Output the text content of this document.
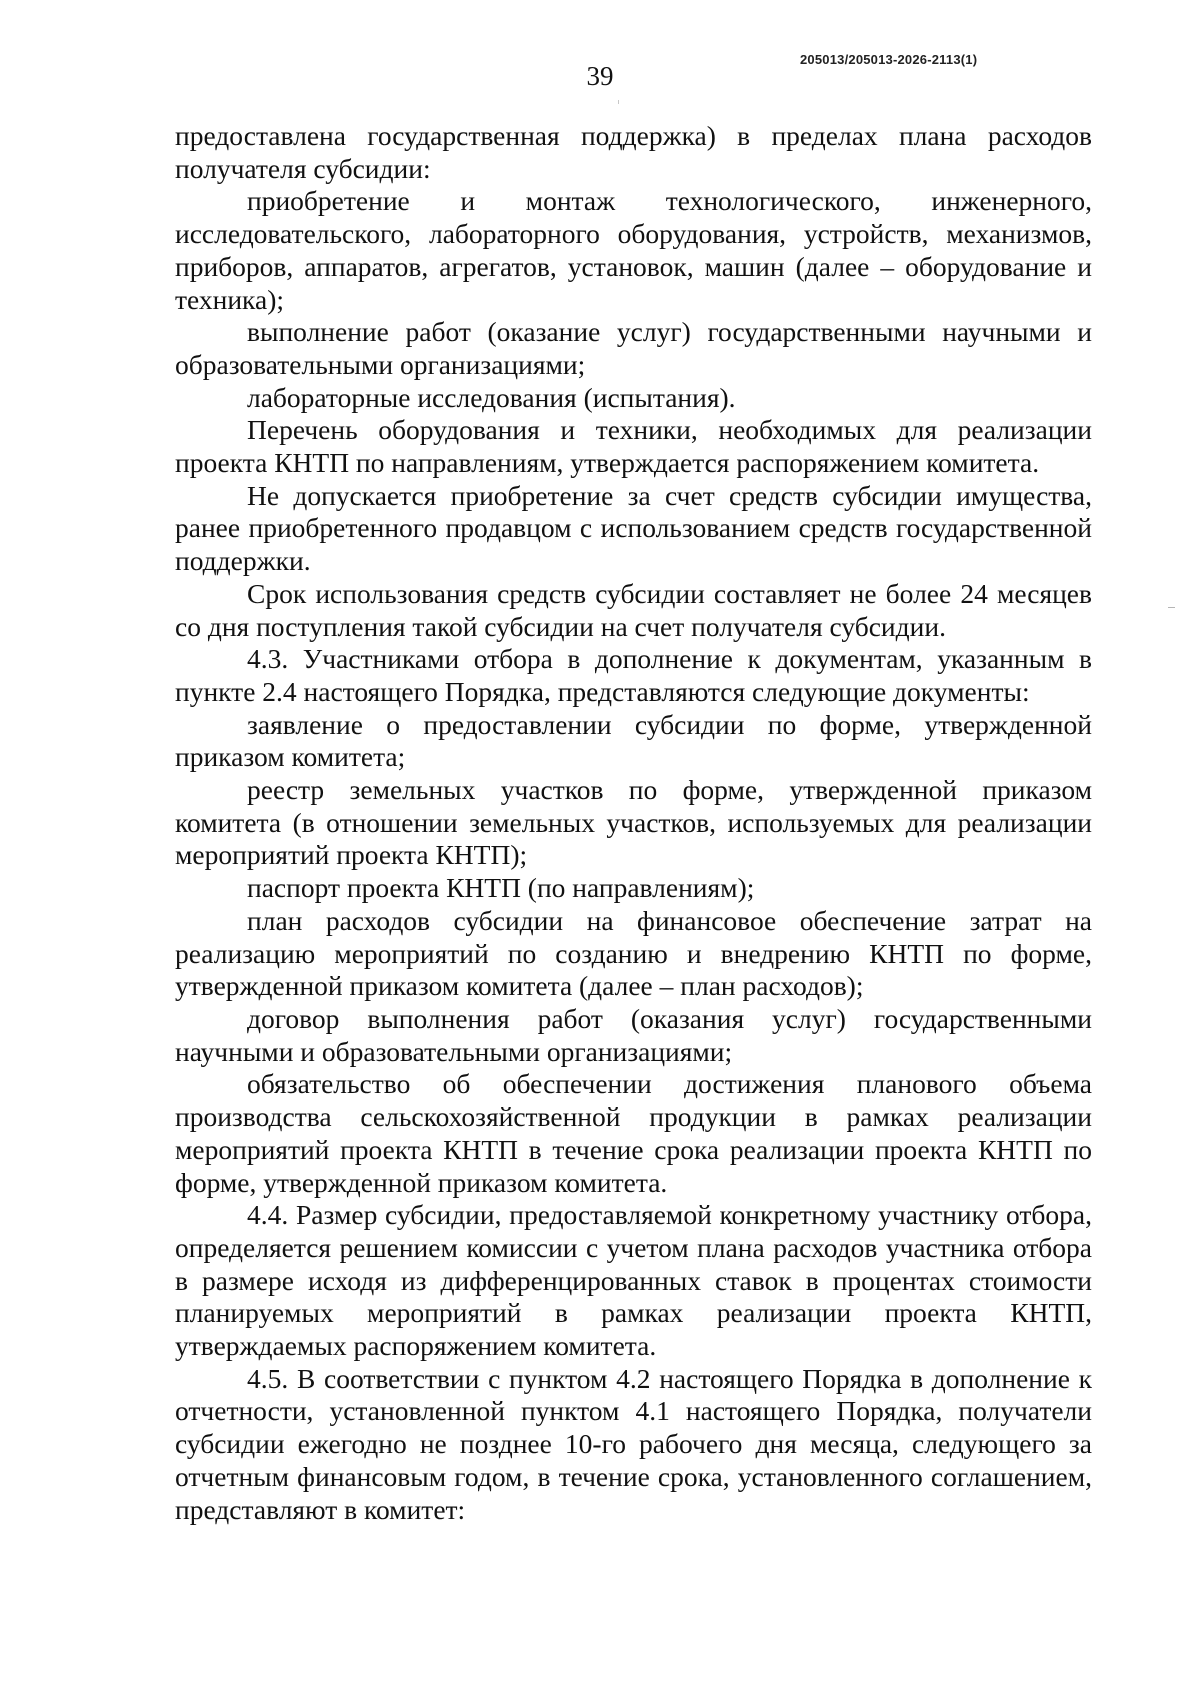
39
205013/205013-2026-2113(1)

предоставлена государственная поддержка) в пределах плана расходов получателя субсидии:

приобретение и монтаж технологического, инженерного, исследовательского, лабораторного оборудования, устройств, механизмов, приборов, аппаратов, агрегатов, установок, машин (далее – оборудование и техника);

выполнение работ (оказание услуг) государственными научными и образовательными организациями;

лабораторные исследования (испытания).

Перечень оборудования и техники, необходимых для реализации проекта КНТП по направлениям, утверждается распоряжением комитета.

Не допускается приобретение за счет средств субсидии имущества, ранее приобретенного продавцом с использованием средств государственной поддержки.

Срок использования средств субсидии составляет не более 24 месяцев со дня поступления такой субсидии на счет получателя субсидии.

4.3. Участниками отбора в дополнение к документам, указанным в пункте 2.4 настоящего Порядка, представляются следующие документы:

заявление о предоставлении субсидии по форме, утвержденной приказом комитета;

реестр земельных участков по форме, утвержденной приказом комитета (в отношении земельных участков, используемых для реализации мероприятий проекта КНТП);

паспорт проекта КНТП (по направлениям);

план расходов субсидии на финансовое обеспечение затрат на реализацию мероприятий по созданию и внедрению КНТП по форме, утвержденной приказом комитета (далее – план расходов);

договор выполнения работ (оказания услуг) государственными научными и образовательными организациями;

обязательство об обеспечении достижения планового объема производства сельскохозяйственной продукции в рамках реализации мероприятий проекта КНТП в течение срока реализации проекта КНТП по форме, утвержденной приказом комитета.

4.4. Размер субсидии, предоставляемой конкретному участнику отбора, определяется решением комиссии с учетом плана расходов участника отбора в размере исходя из дифференцированных ставок в процентах стоимости планируемых мероприятий в рамках реализации проекта КНТП, утверждаемых распоряжением комитета.

4.5. В соответствии с пунктом 4.2 настоящего Порядка в дополнение к отчетности, установленной пунктом 4.1 настоящего Порядка, получатели субсидии ежегодно не позднее 10-го рабочего дня месяца, следующего за отчетным финансовым годом, в течение срока, установленного соглашением, представляют в комитет:
